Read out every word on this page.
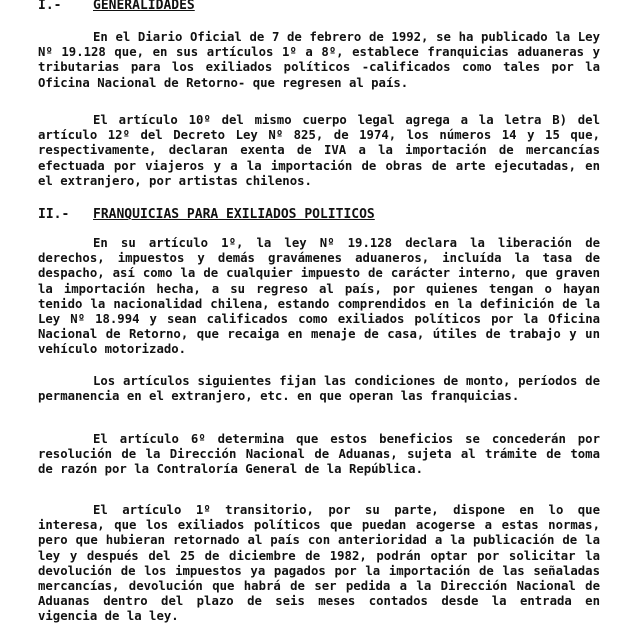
I.- GENERALIDADES

En el Diario Oficial de 7 de febrero de 1992, se ha publicado la Ley Nº 19.128 que, en sus artículos 1º a 8º, establece franquicias aduaneras y tributarias para los exiliados políticos -calificados como tales por la Oficina Nacional de Retorno- que regresen al país.

El artículo 10º del mismo cuerpo legal agrega a la letra B) del artículo 12º del Decreto Ley Nº 825, de 1974, los números 14 y 15 que, respectivamente, declaran exenta de IVA a la importación de mercancías efectuada por viajeros y a la importación de obras de arte ejecutadas, en el extranjero, por artistas chilenos.

II.- FRANQUICIAS PARA EXILIADOS POLITICOS

En su artículo 1º, la ley Nº 19.128 declara la liberación de derechos, impuestos y demás gravámenes aduaneros, incluída la tasa de despacho, así como la de cualquier impuesto de carácter interno, que graven la importación hecha, a su regreso al país, por quienes tengan o hayan tenido la nacionalidad chilena, estando comprendidos en la definición de la Ley Nº 18.994 y sean calificados como exiliados políticos por la Oficina Nacional de Retorno, que recaiga en menaje de casa, útiles de trabajo y un vehículo motorizado.

Los artículos siguientes fijan las condiciones de monto, períodos de permanencia en el extranjero, etc. en que operan las franquicias.

El artículo 6º determina que estos beneficios se concederán por resolución de la Dirección Nacional de Aduanas, sujeta al trámite de toma de razón por la Contraloría General de la República.

El artículo 1º transitorio, por su parte, dispone en lo que interesa, que los exiliados políticos que puedan acogerse a estas normas, pero que hubieran retornado al país con anterioridad a la publicación de la ley y después del 25 de diciembre de 1982, podrán optar por solicitar la devolución de los impuestos ya pagados por la importación de las señaladas mercancías, devolución que habrá de ser pedida a la Dirección Nacional de Aduanas dentro del plazo de seis meses contados desde la entrada en vigencia de la ley.
